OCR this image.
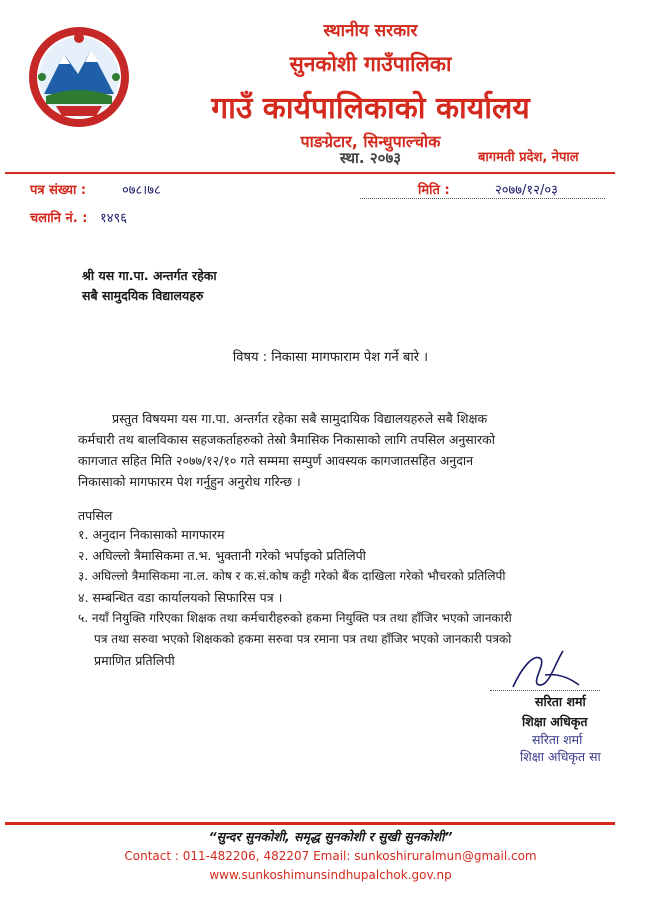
स्थानीय सरकार
सुनकोशी गाउँपालिका
गाउँ कार्यपालिकाको कार्यालय
पाङग्रेटार, सिन्धुपाल्चोक
स्था. २०७३	बागमती प्रदेश, नेपाल
पत्र संख्या :	०७८।७८	मिति :	२०७७/१२/०३
चलानि नं. : १४९६
श्री यस गा.पा. अन्तर्गत रहेका
सबै सामुदयिक विद्यालयहरु
विषय : निकासा मागफाराम पेश गर्ने बारे ।
प्रस्तुत विषयमा यस गा.पा. अन्तर्गत रहेका सबै सामुदायिक विद्यालयहरुले सबै शिक्षक
कर्मचारी तथ बालविकास सहजकर्ताहरुको तेस्रो त्रैमासिक निकासाको लागि तपसिल अनुसारको
कागजात सहित मिति २०७७/१२/१० गते सम्ममा सम्पुर्ण आवस्यक कागजातसहित अनुदान
निकासाको मागफारम पेश गर्नुहुन अनुरोध गरिन्छ ।
तपसिल
१. अनुदान निकासाको मागफारम
२. अघिल्लो त्रैमासिकमा त.भ. भुक्तानी गरेको भर्पाइको प्रतिलिपी
३. अघिल्लो त्रैमासिकमा ना.ल. कोष र क.सं.कोष कट्टी गरेको बैंक दाखिला गरेको भौचरको प्रतिलिपी
४. सम्बन्धित वडा कार्यालयको सिफारिस पत्र ।
५. नयाँ नियुक्ति गरिएका शिक्षक तथा कर्मचारीहरुको हकमा नियुक्ति पत्र तथा हाँजिर भएको जानकारी
पत्र तथा सरुवा भएको शिक्षकको हकमा सरुवा पत्र रमाना पत्र तथा हाँजिर भएको जानकारी पत्रको
प्रमाणित प्रतिलिपी
सरिता शर्मा
शिक्षा अधिकृत
सरिता शर्मा
शिक्षा अधिकृत सा
“सुन्दर सुनकोशी, समृद्ध सुनकोशी र सुखी सुनकोशी”
Contact : 011-482206, 482207 Email: sunkoshiruralmun@gmail.com
www.sunkoshimunsindhupalchok.gov.np
